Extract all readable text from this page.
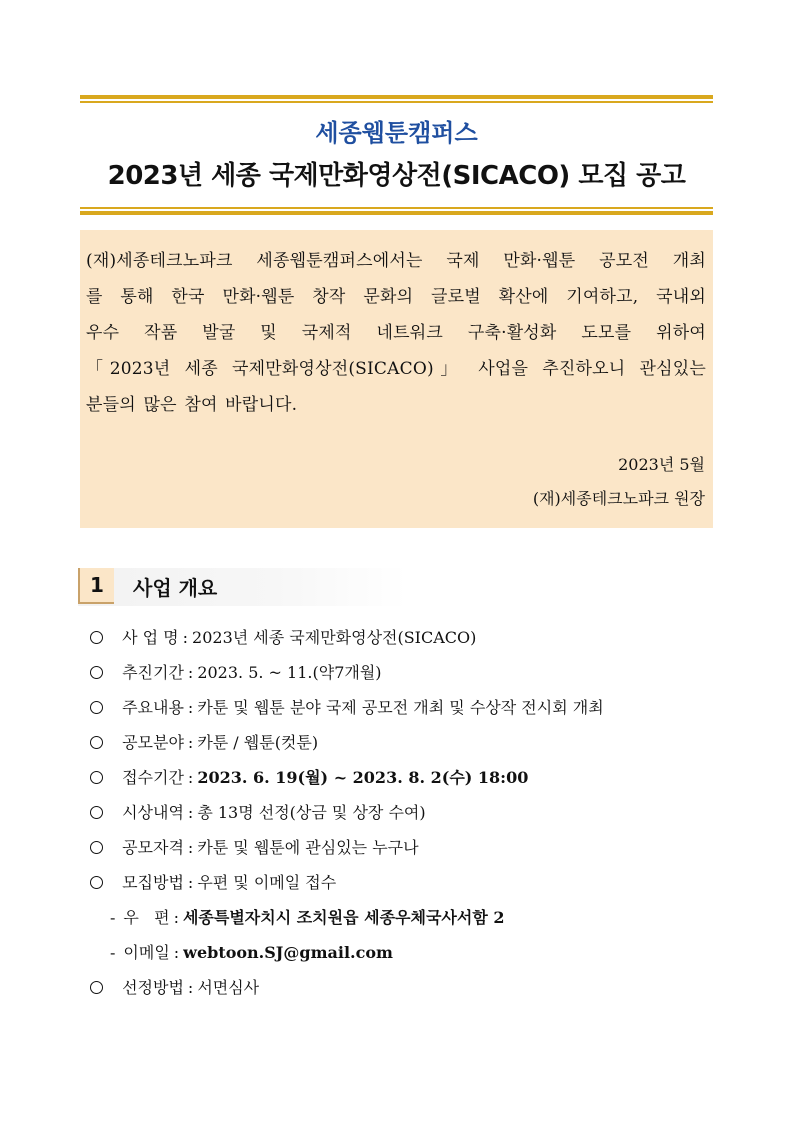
세종웹툰캠퍼스
2023년 세종 국제만화영상전(SICACO) 모집 공고
(재)세종테크노파크 세종웹툰캠퍼스에서는 국제 만화·웹툰 공모전 개최
를 통해 한국 만화·웹툰 창작 문화의 글로벌 확산에 기여하고, 국내외
우수 작품 발굴 및 국제적 네트워크 구축·활성화 도모를 위하여
「2023년 세종 국제만화영상전(SICACO)」 사업을 추진하오니 관심있는
분들의 많은 참여 바랍니다.
2023년 5월
(재)세종테크노파크 원장
1	사업 개요
사 업 명 : 2023년 세종 국제만화영상전(SICACO)
추진기간 : 2023. 5. ~ 11.(약7개월)
주요내용 : 카툰 및 웹툰 분야 국제 공모전 개최 및 수상작 전시회 개최
공모분야 : 카툰 / 웹툰(컷툰)
접수기간 : 2023. 6. 19(월) ~ 2023. 8. 2(수) 18:00
시상내역 : 총 13명 선정(상금 및 상장 수여)
공모자격 : 카툰 및 웹툰에 관심있는 누구나
모집방법 : 우편 및 이메일 접수
- 우   편 : 세종특별자치시 조치원읍 세종우체국사서함 2
- 이메일 : webtoon.SJ@gmail.com
선정방법 : 서면심사
